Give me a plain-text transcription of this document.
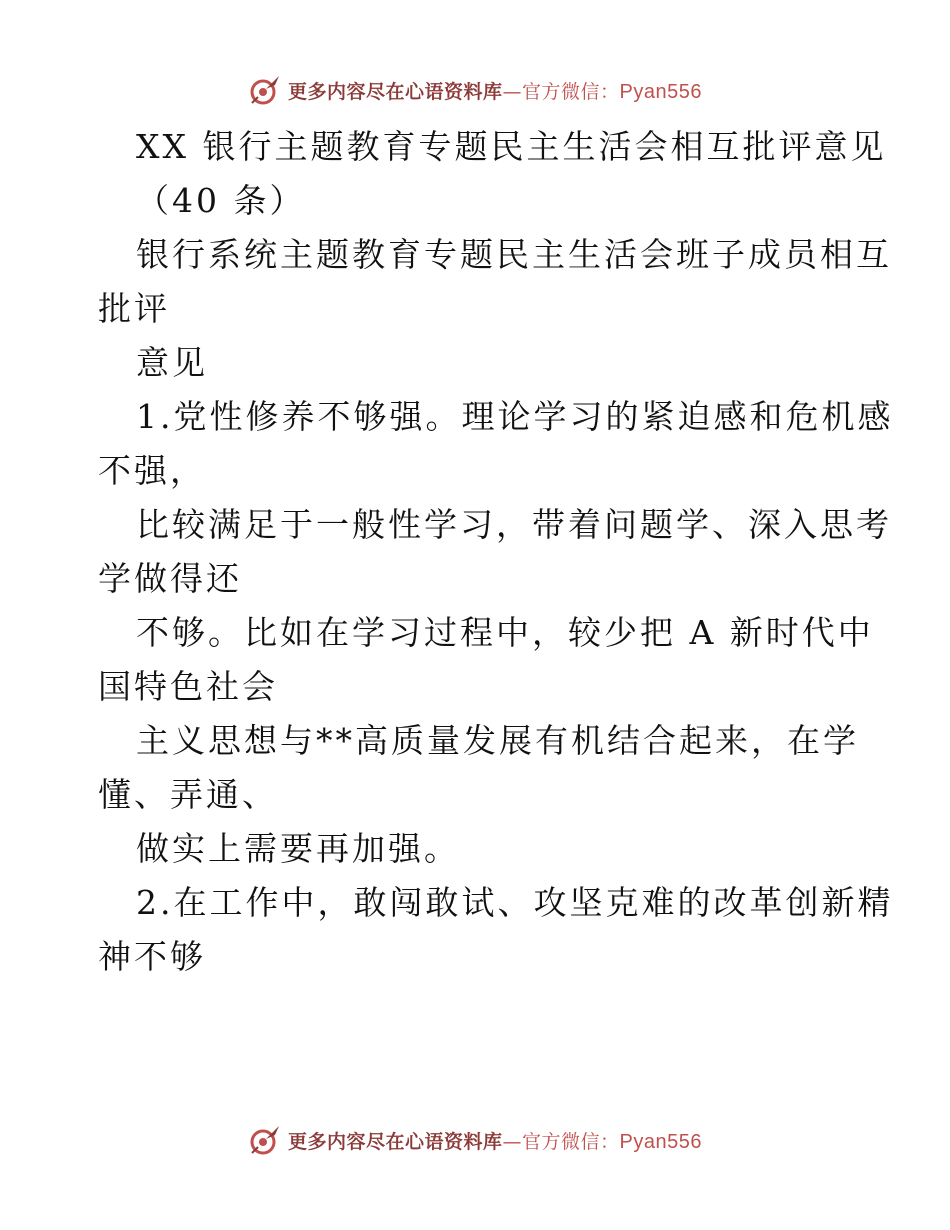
更多内容尽在心语资料库—官方微信：Pyan556
XX 银行主题教育专题民主生活会相互批评意见
（40 条）
银行系统主题教育专题民主生活会班子成员相互
批评
意见
1.党性修养不够强。理论学习的紧迫感和危机感
不强，
比较满足于一般性学习，带着问题学、深入思考
学做得还
不够。比如在学习过程中，较少把 A 新时代中
国特色社会
主义思想与**高质量发展有机结合起来，在学
懂、弄通、
做实上需要再加强。
2.在工作中，敢闯敢试、攻坚克难的改革创新精
神不够
更多内容尽在心语资料库—官方微信：Pyan556
